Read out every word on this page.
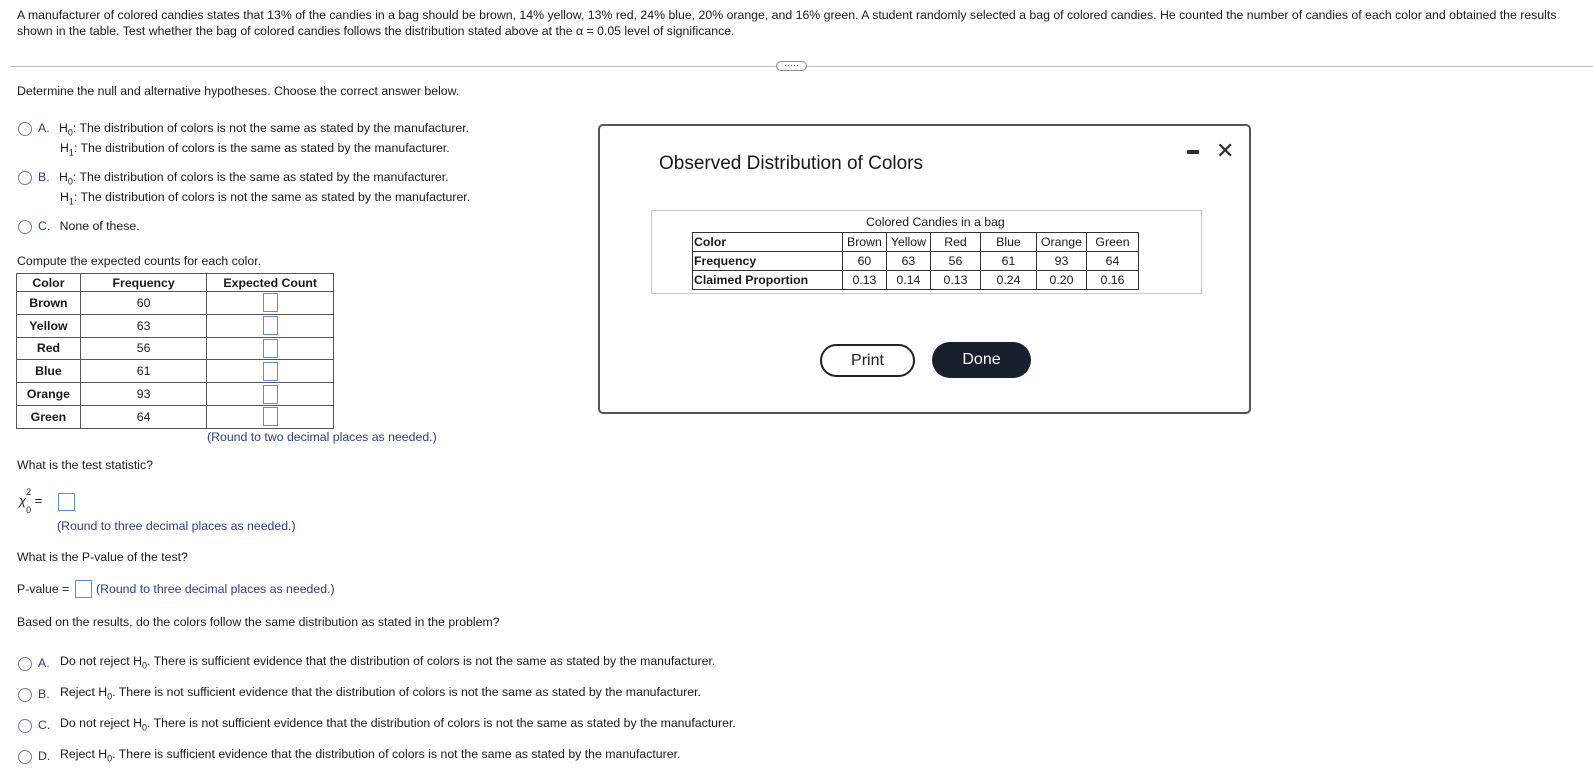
A manufacturer of colored candies states that 13% of the candies in a bag should be brown, 14% yellow, 13% red, 24% blue, 20% orange, and 16% green. A student randomly selected a bag of colored candies. He counted the number of candies of each color and obtained the results shown in the table. Test whether the bag of colored candies follows the distribution stated above at the α = 0.05 level of significance.
·····
Determine the null and alternative hypotheses. Choose the correct answer below.
A. $H_0$: The distribution of colors is not the same as stated by the manufacturer.
$H_1$: The distribution of colors is the same as stated by the manufacturer.
B. $H_0$: The distribution of colors is the same as stated by the manufacturer.
$H_1$: The distribution of colors is not the same as stated by the manufacturer.
C. None of these.
Compute the expected counts for each color.
Color	Frequency	Expected Count
Brown	60	
Yellow	63	
Red	56	
Blue	61	
Orange	93	
Green	64	
(Round to two decimal places as needed.)
What is the test statistic?
χ
2
$_0$ =
(Round to three decimal places as needed.)
What is the P-value of the test?
P-value = (Round to three decimal places as needed.)
Based on the results, do the colors follow the same distribution as stated in the problem?
A. Do not reject $H_0$. There is sufficient evidence that the distribution of colors is not the same as stated by the manufacturer.
B. Reject $H_0$. There is not sufficient evidence that the distribution of colors is not the same as stated by the manufacturer.
C. Do not reject $H_0$. There is not sufficient evidence that the distribution of colors is not the same as stated by the manufacturer.
D. Reject $H_0$. There is sufficient evidence that the distribution of colors is not the same as stated by the manufacturer.
Observed Distribution of Colors
✕
Colored Candies in a bag
Color	Brown	Yellow	Red	Blue	Orange	Green
Frequency	60	63	56	61	93	64
Claimed Proportion	0.13	0.14	0.13	0.24	0.20	0.16
Print	Done
